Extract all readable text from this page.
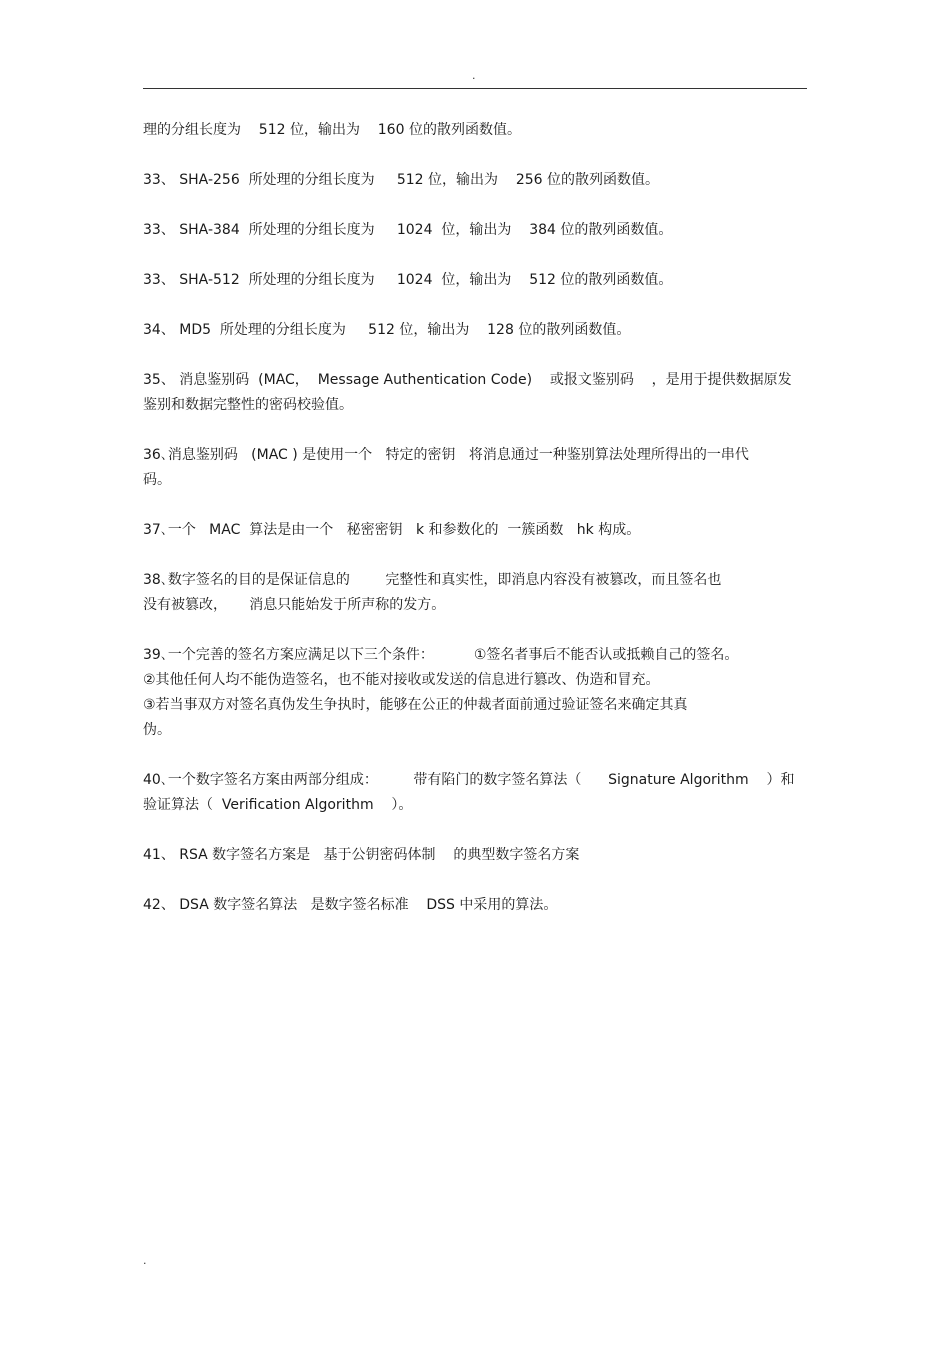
.
理的分组长度为    512 位，输出为    160 位的散列函数值。
33、 SHA-256  所处理的分组长度为     512 位，输出为    256 位的散列函数值。
33、 SHA-384  所处理的分组长度为     1024  位，输出为    384 位的散列函数值。
33、 SHA-512  所处理的分组长度为     1024  位，输出为    512 位的散列函数值。
34、 MD5  所处理的分组长度为     512 位，输出为    128 位的散列函数值。
35、 消息鉴别码  (MAC，  Message Authentication Code)    或报文鉴别码    ，是用于提供数据原发
鉴别和数据完整性的密码校验值。
36､消息鉴别码   (MAC ) 是使用一个   特定的密钥   将消息通过一种鉴别算法处理所得出的一串代
码。
37､一个   MAC  算法是由一个   秘密密钥   k 和参数化的  一簇函数   hk 构成。
38､数字签名的目的是保证信息的        完整性和真实性，即消息内容没有被篡改，而且签名也
没有被篡改，     消息只能始发于所声称的发方。
39､一个完善的签名方案应满足以下三个条件：         ①签名者事后不能否认或抵赖自己的签名。
②其他任何人均不能伪造签名，也不能对接收或发送的信息进行篡改、伪造和冒充。
③若当事双方对签名真伪发生争执时，能够在公正的仲裁者面前通过验证签名来确定其真
伪。
40､一个数字签名方案由两部分组成：        带有陷门的数字签名算法（      Signature Algorithm    ）和
验证算法（  Verification Algorithm    ）。
41、 RSA 数字签名方案是   基于公钥密码体制    的典型数字签名方案
42、 DSA 数字签名算法   是数字签名标准    DSS 中采用的算法。
.
